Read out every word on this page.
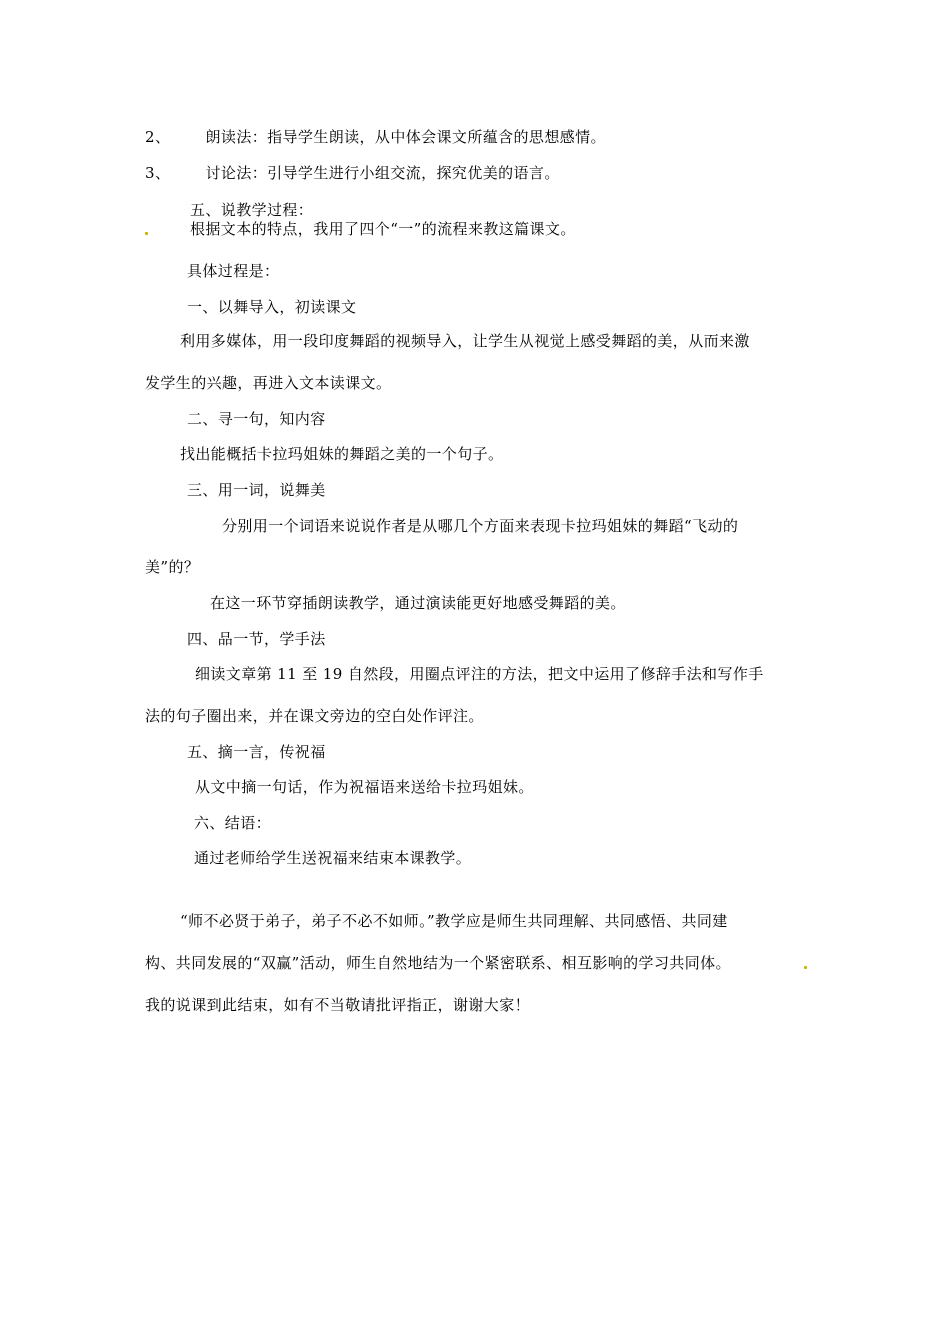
2、 朗读法：指导学生朗读，从中体会课文所蕴含的思想感情。
3、 讨论法：引导学生进行小组交流，探究优美的语言。
五、说教学过程：
根据文本的特点，我用了四个“一”的流程来教这篇课文。
具体过程是：
一、以舞导入，初读课文
利用多媒体，用一段印度舞蹈的视频导入，让学生从视觉上感受舞蹈的美，从而来激
发学生的兴趣，再进入文本读课文。
二、寻一句，知内容
找出能概括卡拉玛姐妹的舞蹈之美的一个句子。
三、用一词，说舞美
分别用一个词语来说说作者是从哪几个方面来表现卡拉玛姐妹的舞蹈“飞动的
美”的？
在这一环节穿插朗读教学，通过演读能更好地感受舞蹈的美。
四、品一节，学手法
细读文章第 11 至 19 自然段，用圈点评注的方法，把文中运用了修辞手法和写作手
法的句子圈出来，并在课文旁边的空白处作评注。
五、摘一言，传祝福
从文中摘一句话，作为祝福语来送给卡拉玛姐妹。
六、结语：
通过老师给学生送祝福来结束本课教学。
“师不必贤于弟子，弟子不必不如师。”教学应是师生共同理解、共同感悟、共同建
构、共同发展的“双赢”活动，师生自然地结为一个紧密联系、相互影响的学习共同体。
我的说课到此结束，如有不当敬请批评指正，谢谢大家！
